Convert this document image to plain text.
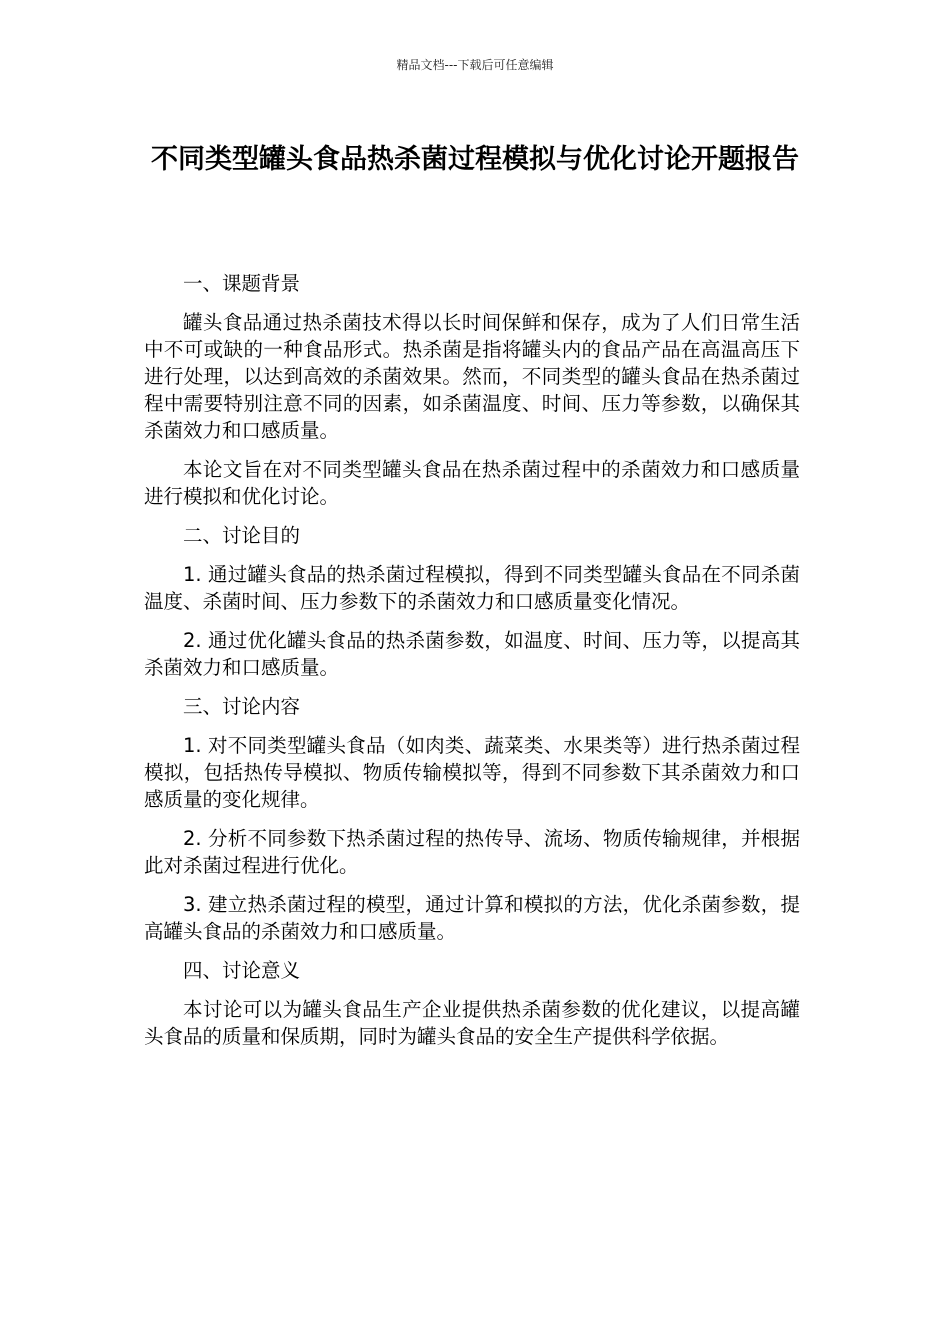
精品文档---下载后可任意编辑
不同类型罐头食品热杀菌过程模拟与优化讨论开题报告

一、课题背景

罐头食品通过热杀菌技术得以长时间保鲜和保存，成为了人们日常生活中不可或缺的一种食品形式。热杀菌是指将罐头内的食品产品在高温高压下进行处理，以达到高效的杀菌效果。然而，不同类型的罐头食品在热杀菌过程中需要特别注意不同的因素，如杀菌温度、时间、压力等参数，以确保其杀菌效力和口感质量。

本论文旨在对不同类型罐头食品在热杀菌过程中的杀菌效力和口感质量进行模拟和优化讨论。

二、讨论目的

1. 通过罐头食品的热杀菌过程模拟，得到不同类型罐头食品在不同杀菌温度、杀菌时间、压力参数下的杀菌效力和口感质量变化情况。

2. 通过优化罐头食品的热杀菌参数，如温度、时间、压力等，以提高其杀菌效力和口感质量。

三、讨论内容

1. 对不同类型罐头食品（如肉类、蔬菜类、水果类等）进行热杀菌过程模拟，包括热传导模拟、物质传输模拟等，得到不同参数下其杀菌效力和口感质量的变化规律。

2. 分析不同参数下热杀菌过程的热传导、流场、物质传输规律，并根据此对杀菌过程进行优化。

3. 建立热杀菌过程的模型，通过计算和模拟的方法，优化杀菌参数，提高罐头食品的杀菌效力和口感质量。

四、讨论意义

本讨论可以为罐头食品生产企业提供热杀菌参数的优化建议，以提高罐头食品的质量和保质期，同时为罐头食品的安全生产提供科学依据。
